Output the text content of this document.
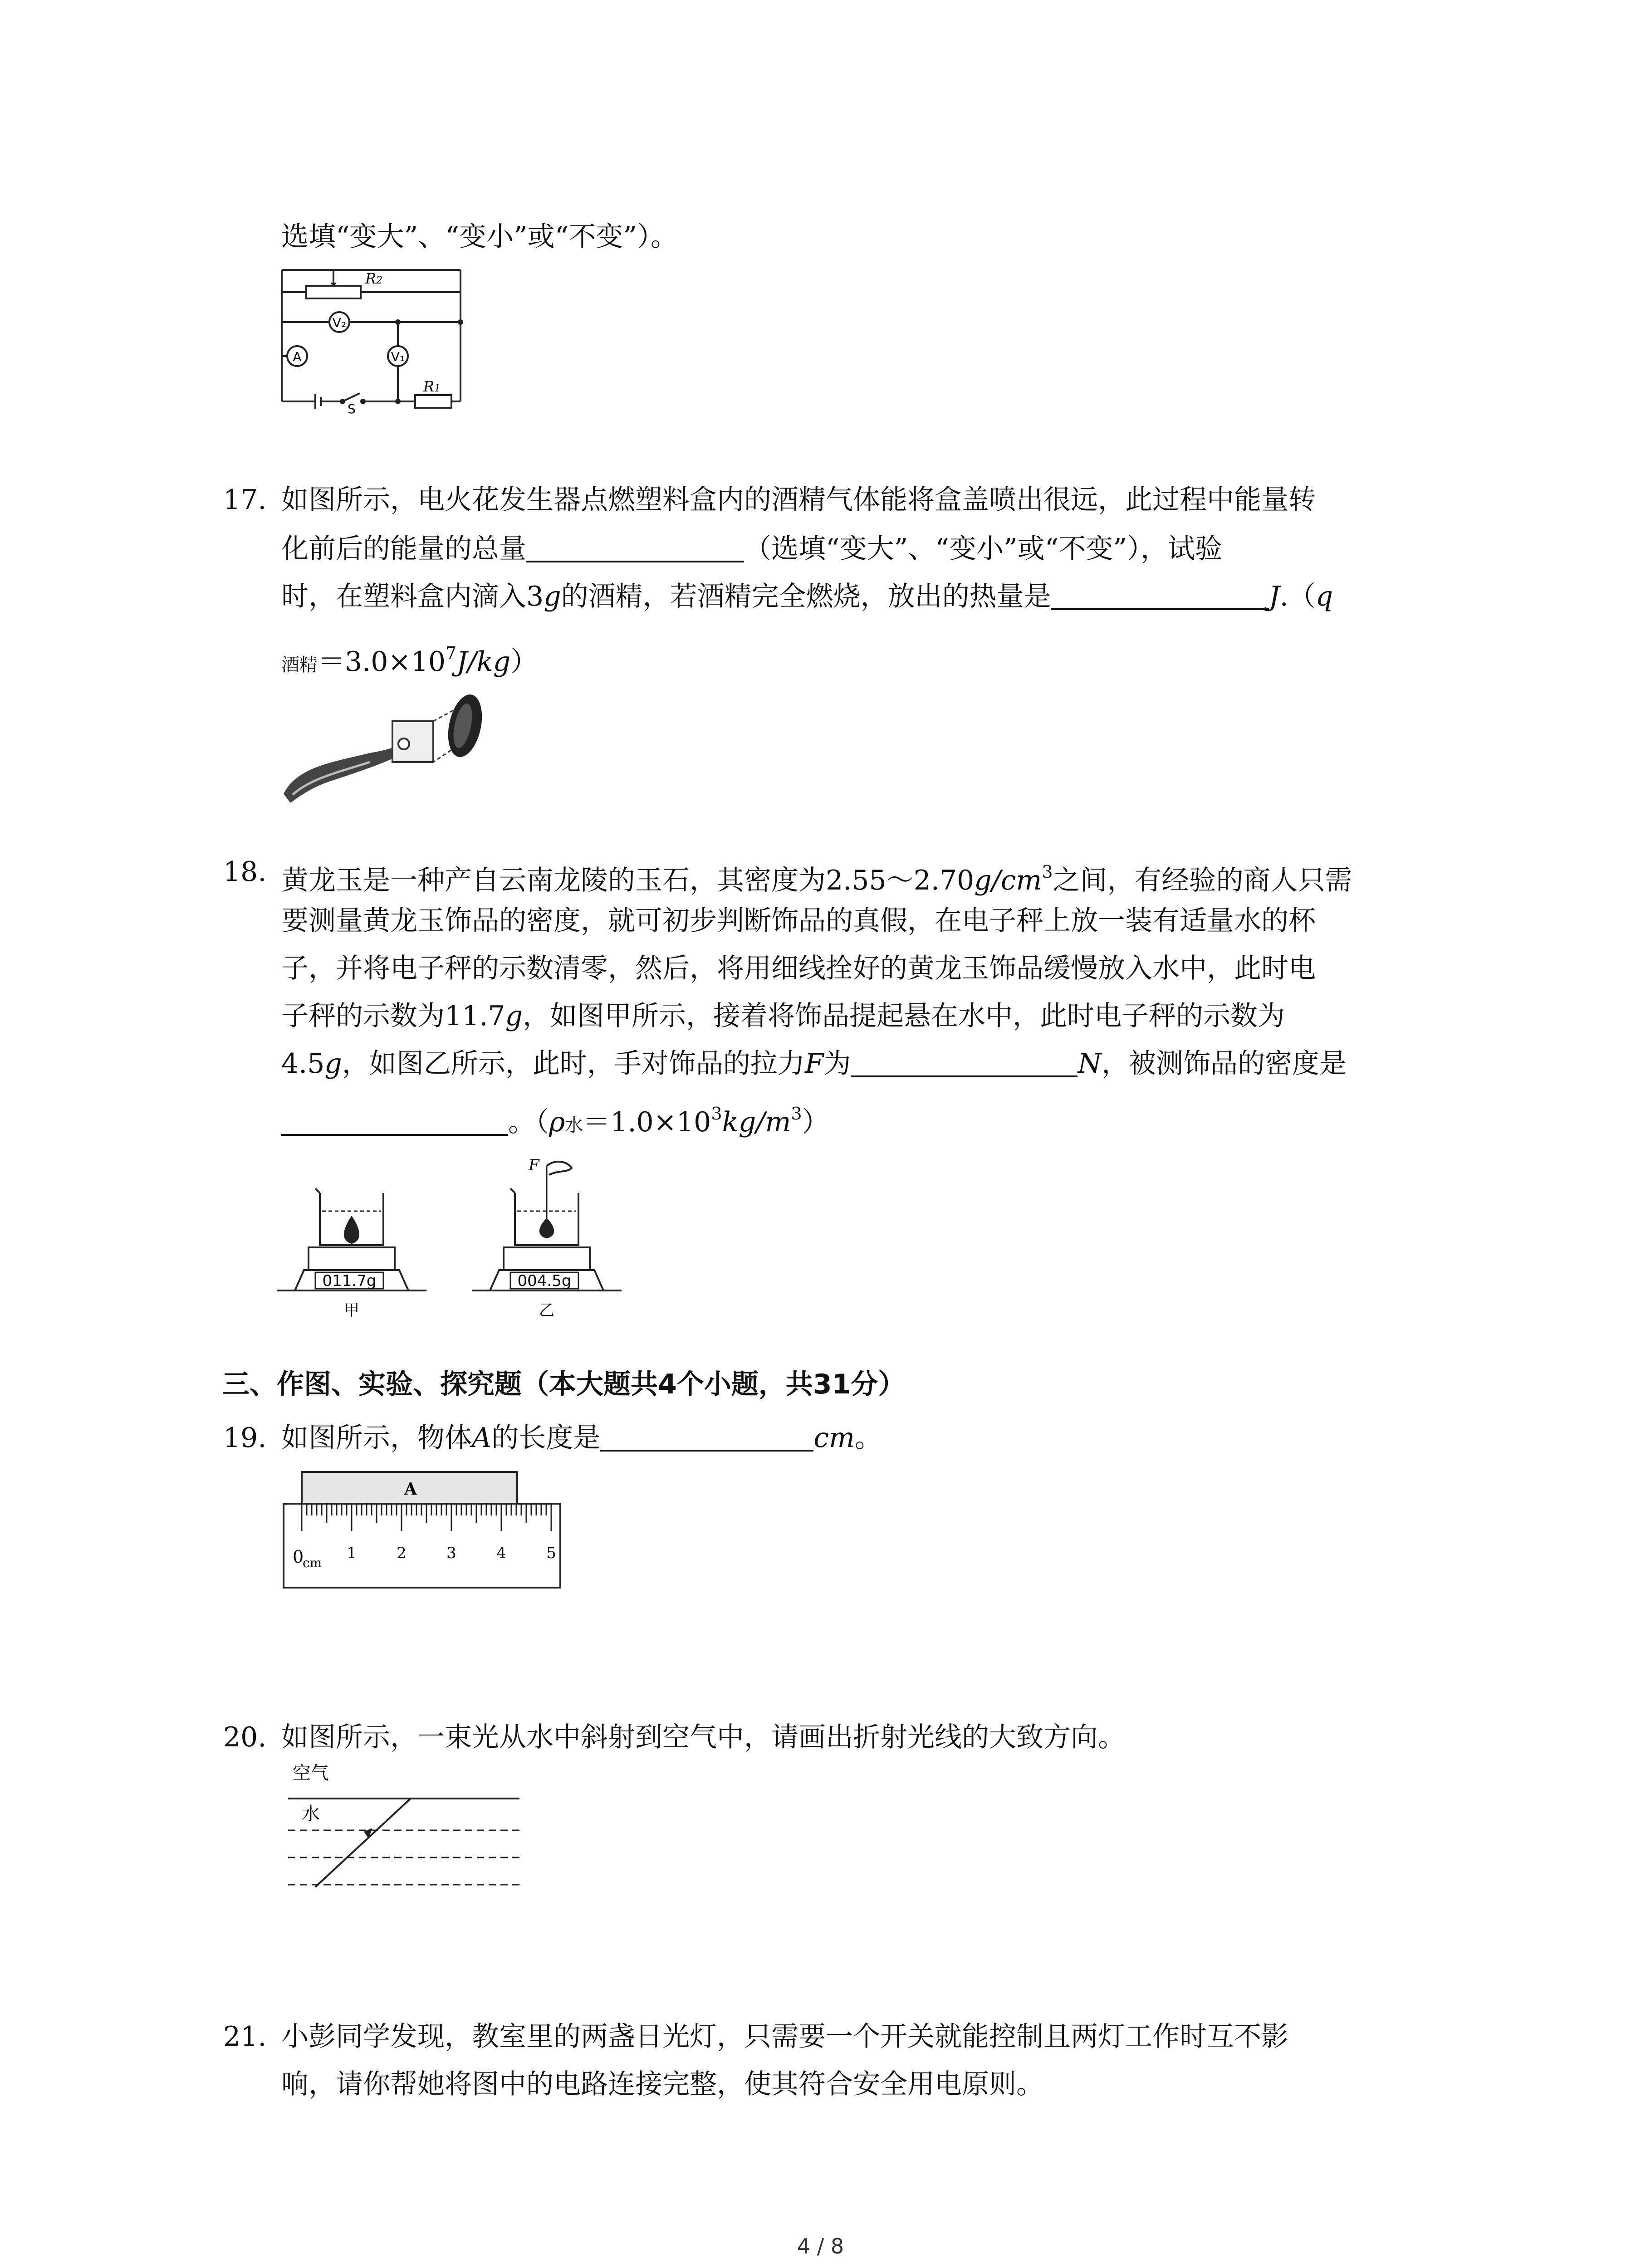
选填“变大”、“变小”或“不变”）。
R2
V₂
A	V₁
R1
S
17. 如图所示，电火花发生器点燃塑料盒内的酒精气体能将盒盖喷出很远，此过程中能量转
化前后的能量的总量	（选填“变大”、“变小”或“不变”），试验
时，在塑料盒内滴入3g的酒精，若酒精完全燃烧，放出的热量是	J.（q
酒精$=3.0\times 10^7J/kg$）
18. 黄龙玉是一种产自云南龙陵的玉石，其密度为$2.55\sim 2.70g/cm^3$之间，有经验的商人只需
要测量黄龙玉饰品的密度，就可初步判断饰品的真假，在电子秤上放一装有适量水的杯
子，并将电子秤的示数清零，然后，将用细线拴好的黄龙玉饰品缓慢放入水中，此时电
子秤的示数为11.7g，如图甲所示，接着将饰品提起悬在水中，此时电子秤的示数为
4.5g，如图乙所示，此时，手对饰品的拉力F为	N，被测饰品的密度是
。（ρ水$=1.0\times 10^3kg/m^3$）
011.7g
甲
F
004.5g
乙
三、作图、实验、探究题（本大题共4个小题，共31分）
19. 如图所示，物体A的长度是	cm。
A
0
cm
1	2	3	4	5
20. 如图所示，一束光从水中斜射到空气中，请画出折射光线的大致方向。
空气
水
21. 小彭同学发现，教室里的两盏日光灯，只需要一个开关就能控制且两灯工作时互不影
响，请你帮她将图中的电路连接完整，使其符合安全用电原则。
4 / 8
